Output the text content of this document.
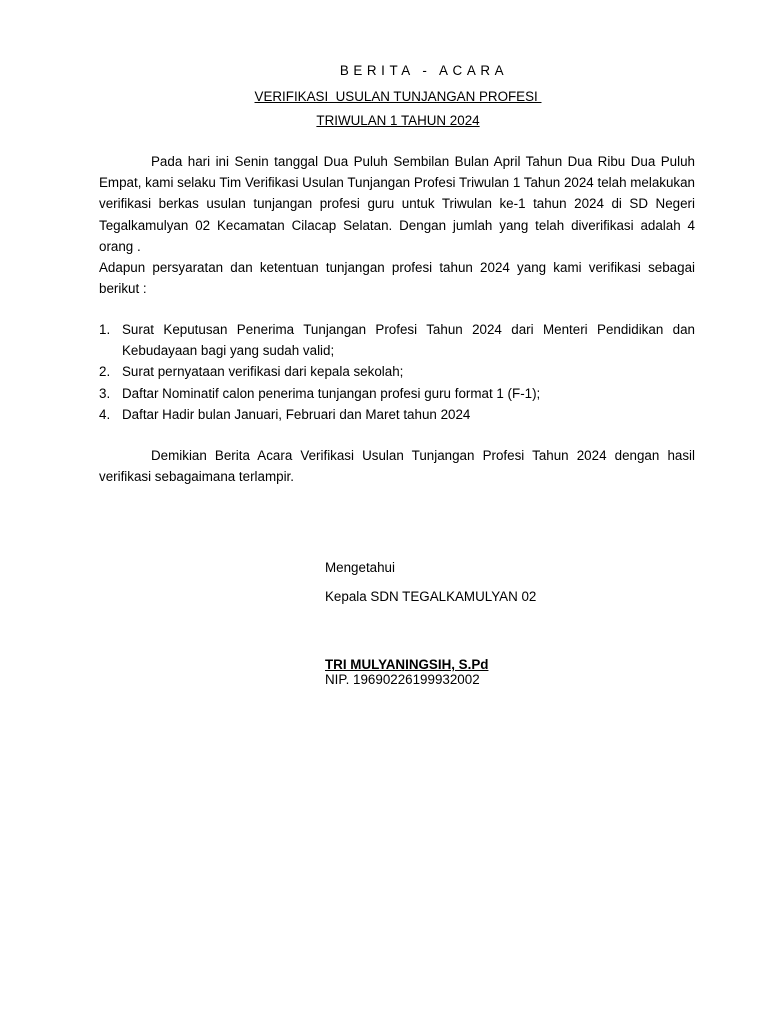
BERITA - ACARA
VERIFIKASI  USULAN TUNJANGAN PROFESI
TRIWULAN 1 TAHUN 2024

Pada hari ini Senin tanggal Dua Puluh Sembilan Bulan April Tahun Dua Ribu Dua Puluh Empat, kami selaku Tim Verifikasi Usulan Tunjangan Profesi Triwulan 1 Tahun 2024 telah melakukan verifikasi berkas usulan tunjangan profesi guru untuk Triwulan ke-1 tahun 2024 di SD Negeri Tegalkamulyan 02 Kecamatan Cilacap Selatan. Dengan jumlah yang telah diverifikasi adalah 4 orang .

Adapun persyaratan dan ketentuan tunjangan profesi tahun 2024 yang kami verifikasi sebagai berikut :

1. Surat Keputusan Penerima Tunjangan Profesi Tahun 2024 dari Menteri Pendidikan dan Kebudayaan bagi yang sudah valid;
2. Surat pernyataan verifikasi dari kepala sekolah;
3. Daftar Nominatif calon penerima tunjangan profesi guru format 1 (F-1);
4. Daftar Hadir bulan Januari, Februari dan Maret tahun 2024

Demikian Berita Acara Verifikasi Usulan Tunjangan Profesi Tahun 2024 dengan hasil verifikasi sebagaimana terlampir.

Mengetahui
Kepala SDN TEGALKAMULYAN 02
TRI MULYANINGSIH, S.Pd
NIP. 19690226199932002
